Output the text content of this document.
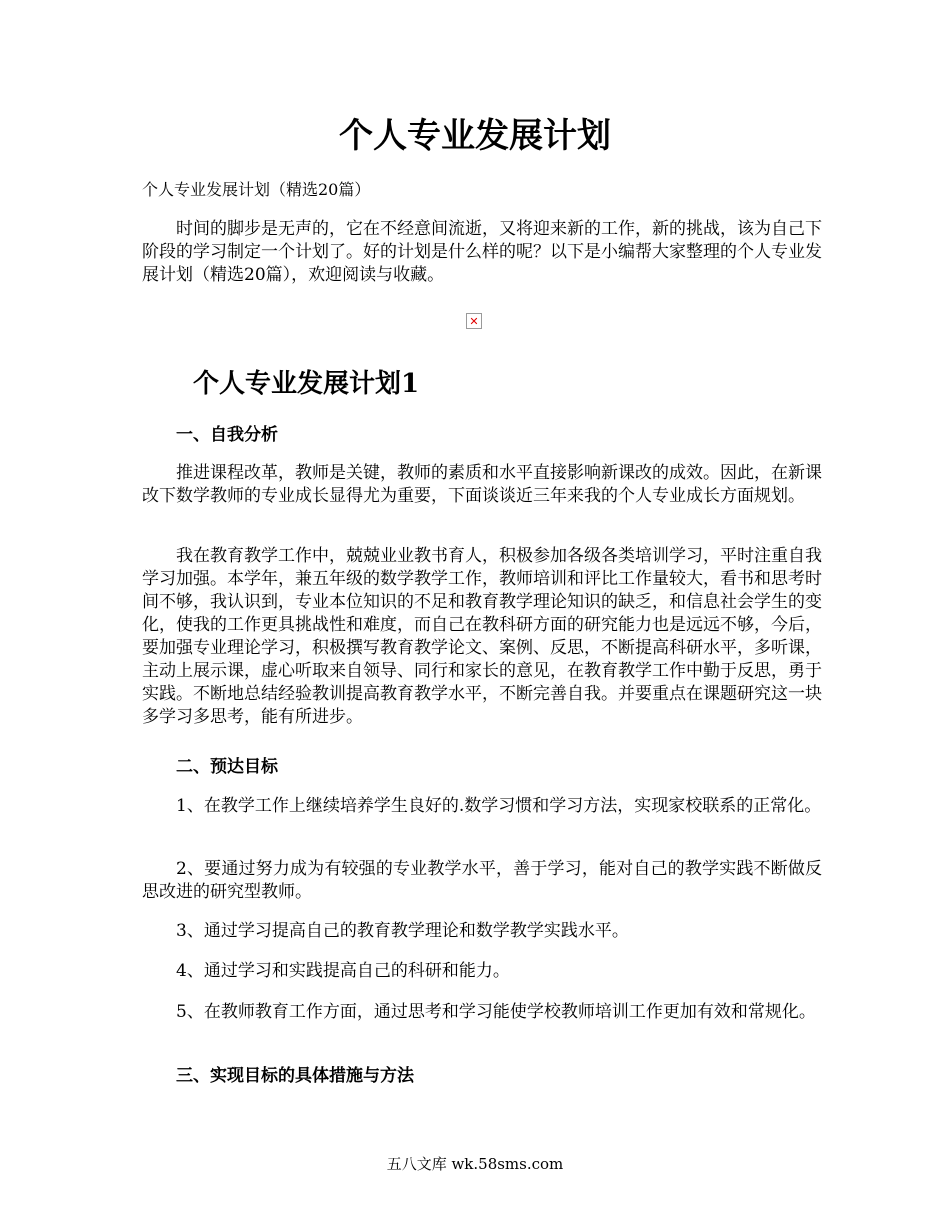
个人专业发展计划

个人专业发展计划（精选20篇）

时间的脚步是无声的，它在不经意间流逝，又将迎来新的工作，新的挑战，该为自己下阶段的学习制定一个计划了。好的计划是什么样的呢？以下是小编帮大家整理的个人专业发展计划（精选20篇），欢迎阅读与收藏。

✕
个人专业发展计划1

一、自我分析

推进课程改革，教师是关键，教师的素质和水平直接影响新课改的成效。因此，在新课改下数学教师的专业成长显得尤为重要，下面谈谈近三年来我的个人专业成长方面规划。

我在教育教学工作中，兢兢业业教书育人，积极参加各级各类培训学习，平时注重自我学习加强。本学年，兼五年级的数学教学工作，教师培训和评比工作量较大，看书和思考时间不够，我认识到，专业本位知识的不足和教育教学理论知识的缺乏，和信息社会学生的变化，使我的工作更具挑战性和难度，而自己在教科研方面的研究能力也是远远不够，今后，要加强专业理论学习，积极撰写教育教学论文、案例、反思，不断提高科研水平，多听课，主动上展示课，虚心听取来自领导、同行和家长的意见，在教育教学工作中勤于反思，勇于实践。不断地总结经验教训提高教育教学水平，不断完善自我。并要重点在课题研究这一块多学习多思考，能有所进步。

二、预达目标

1、在教学工作上继续培养学生良好的.数学习惯和学习方法，实现家校联系的正常化。

2、要通过努力成为有较强的专业教学水平，善于学习，能对自己的教学实践不断做反思改进的研究型教师。

3、通过学习提高自己的教育教学理论和数学教学实践水平。

4、通过学习和实践提高自己的科研和能力。

5、在教师教育工作方面，通过思考和学习能使学校教师培训工作更加有效和常规化。

三、实现目标的具体措施与方法

五八文库 wk.58sms.com
